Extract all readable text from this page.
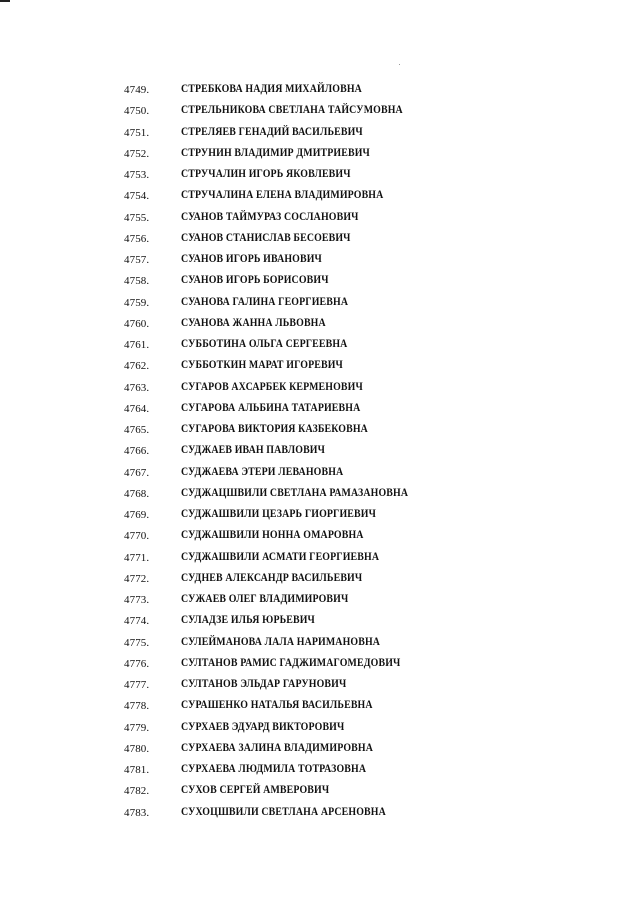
4749.	СТРЕБКОВА НАДИЯ МИХАЙЛОВНА
4750.	СТРЕЛЬНИКОВА СВЕТЛАНА ТАЙСУМОВНА
4751.	СТРЕЛЯЕВ ГЕНАДИЙ ВАСИЛЬЕВИЧ
4752.	СТРУНИН ВЛАДИМИР ДМИТРИЕВИЧ
4753.	СТРУЧАЛИН ИГОРЬ ЯКОВЛЕВИЧ
4754.	СТРУЧАЛИНА ЕЛЕНА ВЛАДИМИРОВНА
4755.	СУАНОВ ТАЙМУРАЗ СОСЛАНОВИЧ
4756.	СУАНОВ СТАНИСЛАВ БЕСОЕВИЧ
4757.	СУАНОВ ИГОРЬ ИВАНОВИЧ
4758.	СУАНОВ ИГОРЬ БОРИСОВИЧ
4759.	СУАНОВА ГАЛИНА ГЕОРГИЕВНА
4760.	СУАНОВА ЖАННА ЛЬВОВНА
4761.	СУББОТИНА ОЛЬГА СЕРГЕЕВНА
4762.	СУББОТКИН МАРАТ ИГОРЕВИЧ
4763.	СУГАРОВ АХСАРБЕК КЕРМЕНОВИЧ
4764.	СУГАРОВА АЛЬБИНА ТАТАРИЕВНА
4765.	СУГАРОВА ВИКТОРИЯ КАЗБЕКОВНА
4766.	СУДЖАЕВ ИВАН ПАВЛОВИЧ
4767.	СУДЖАЕВА ЭТЕРИ ЛЕВАНОВНА
4768.	СУДЖАЦШВИЛИ СВЕТЛАНА РАМАЗАНОВНА
4769.	СУДЖАШВИЛИ ЦЕЗАРЬ ГИОРГИЕВИЧ
4770.	СУДЖАШВИЛИ НОННА ОМАРОВНА
4771.	СУДЖАШВИЛИ АСМАТИ ГЕОРГИЕВНА
4772.	СУДНЕВ АЛЕКСАНДР ВАСИЛЬЕВИЧ
4773.	СУЖАЕВ ОЛЕГ ВЛАДИМИРОВИЧ
4774.	СУЛАДЗЕ ИЛЬЯ ЮРЬЕВИЧ
4775.	СУЛЕЙМАНОВА ЛАЛА НАРИМАНОВНА
4776.	СУЛТАНОВ РАМИС ГАДЖИМАГОМЕДОВИЧ
4777.	СУЛТАНОВ ЭЛЬДАР ГАРУНОВИЧ
4778.	СУРАШЕНКО НАТАЛЬЯ ВАСИЛЬЕВНА
4779.	СУРХАЕВ ЭДУАРД ВИКТОРОВИЧ
4780.	СУРХАЕВА ЗАЛИНА ВЛАДИМИРОВНА
4781.	СУРХАЕВА ЛЮДМИЛА ТОТРАЗОВНА
4782.	СУХОВ СЕРГЕЙ АМВЕРОВИЧ
4783.	СУХОЦШВИЛИ СВЕТЛАНА АРСЕНОВНА
